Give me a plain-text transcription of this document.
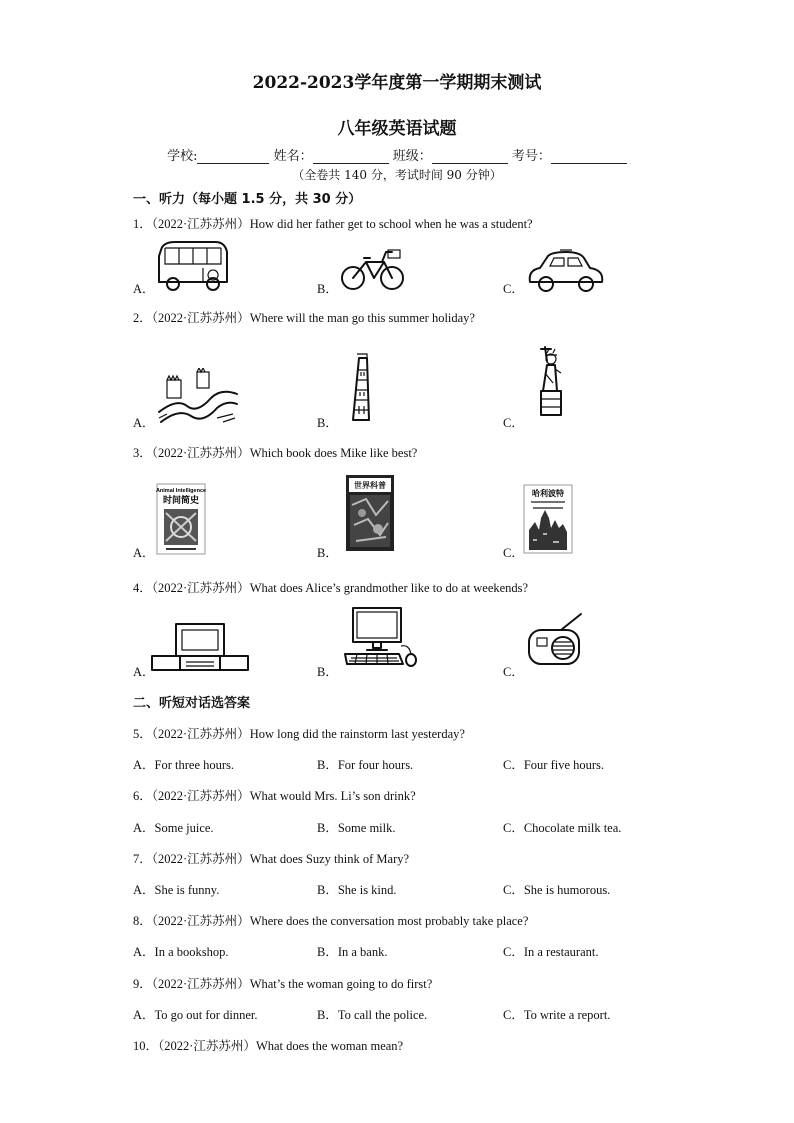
2022-2023学年度第一学期期末测试
八年级英语试题
学校:	姓名：	班级：	考号：
（全卷共 140 分，考试时间 90 分钟）
一、听力（每小题 1.5 分，共 30 分）
1．（2022·江苏苏州）How did her father get to school when he was a student?
A．	B．	C．
2．（2022·江苏苏州）Where will the man go this summer holiday?
A．	B．	C．
3．（2022·江苏苏州）Which book does Mike like best?
A．	B．	C．
Animal Intelligence
时间简史
世界科普
哈利波特
4．（2022·江苏苏州）What does Alice’s grandmother like to do at weekends?
A．	B．	C．
二、听短对话选答案
5．（2022·江苏苏州）How long did the rainstorm last yesterday?
A．For three hours.	B．For four hours.	C．Four five hours.
6．（2022·江苏苏州）What would Mrs. Li’s son drink?
A．Some juice.	B．Some milk.	C．Chocolate milk tea.
7．（2022·江苏苏州）What does Suzy think of Mary?
A．She is funny.	B．She is kind.	C．She is humorous.
8．（2022·江苏苏州）Where does the conversation most probably take place?
A．In a bookshop.	B．In a bank.	C．In a restaurant.
9．（2022·江苏苏州）What’s the woman going to do first?
A．To go out for dinner.	B．To call the police.	C．To write a report.
10．（2022·江苏苏州）What does the woman mean?
